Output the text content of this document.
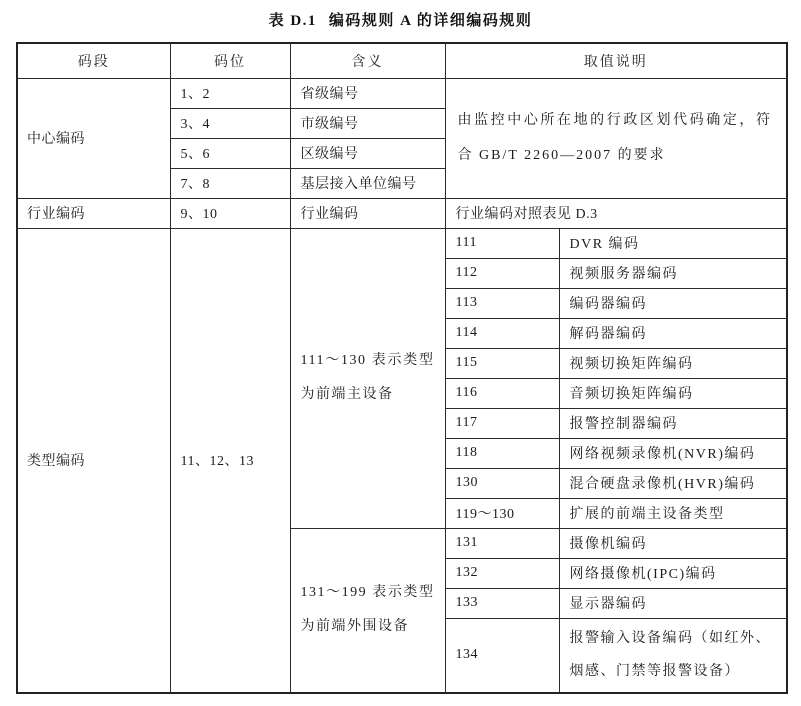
表 D.1 编码规则 A 的详细编码规则
码段	码位	含义	取值说明	
中心编码	1、2	省级编号	由监控中心所在地的行政区划代码确定，符合 GB/T 2260—2007 的要求	
	3、4	市级编号		
	5、6	区级编号		
	7、8	基层接入单位编号		
行业编码	9、10	行业编码	行业编码对照表见 D.3	
类型编码	11、12、13	111～130 表示类型为前端主设备	111	DVR 编码
			112	视频服务器编码
			113	编码器编码
			114	解码器编码
			115	视频切换矩阵编码
			116	音频切换矩阵编码
			117	报警控制器编码
			118	网络视频录像机(NVR)编码
			130	混合硬盘录像机(HVR)编码
			119～130	扩展的前端主设备类型
		131～199 表示类型为前端外围设备	131	摄像机编码
			132	网络摄像机(IPC)编码
			133	显示器编码
			134	报警输入设备编码（如红外、烟感、门禁等报警设备）
